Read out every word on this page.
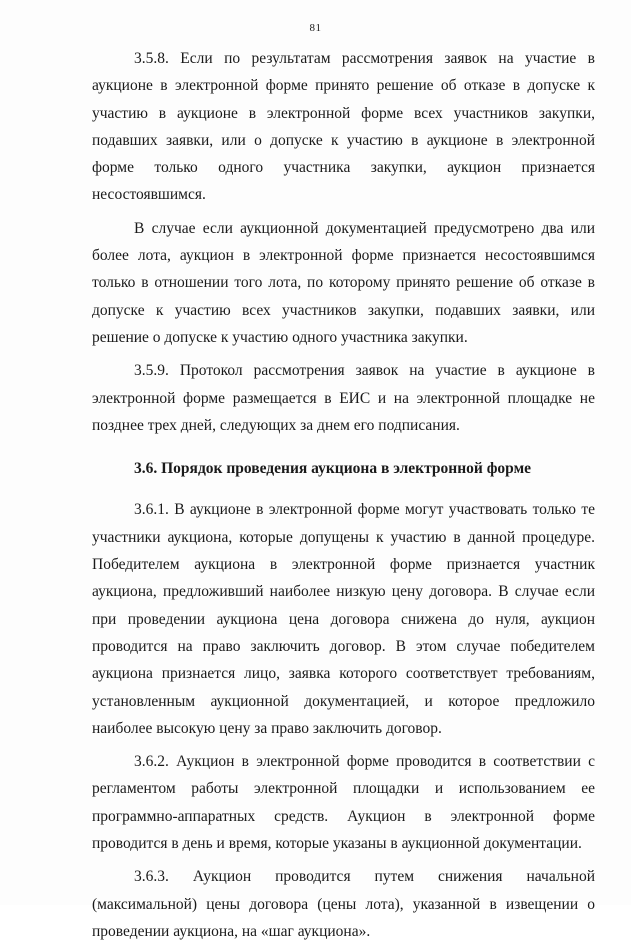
81

3.5.8. Если по результатам рассмотрения заявок на участие в аукционе в электронной форме принято решение об отказе в допуске к участию в аукционе в электронной форме всех участников закупки, подавших заявки, или о допуске к участию в аукционе в электронной форме только одного участника закупки, аукцион признается несостоявшимся.

В случае если аукционной документацией предусмотрено два или более лота, аукцион в электронной форме признается несостоявшимся только в отношении того лота, по которому принято решение об отказе в допуске к участию всех участников закупки, подавших заявки, или решение о допуске к участию одного участника закупки.

3.5.9. Протокол рассмотрения заявок на участие в аукционе в электронной форме размещается в ЕИС и на электронной площадке не позднее трех дней, следующих за днем его подписания.

3.6. Порядок проведения аукциона в электронной форме

3.6.1. В аукционе в электронной форме могут участвовать только те участники аукциона, которые допущены к участию в данной процедуре. Победителем аукциона в электронной форме признается участник аукциона, предложивший наиболее низкую цену договора. В случае если при проведении аукциона цена договора снижена до нуля, аукцион проводится на право заключить договор. В этом случае победителем аукциона признается лицо, заявка которого соответствует требованиям, установленным аукционной документацией, и которое предложило наиболее высокую цену за право заключить договор.

3.6.2. Аукцион в электронной форме проводится в соответствии с регламентом работы электронной площадки и использованием ее программно-аппаратных средств. Аукцион в электронной форме проводится в день и время, которые указаны в аукционной документации.

3.6.3. Аукцион проводится путем снижения начальной (максимальной) цены договора (цены лота), указанной в извещении о проведении аукциона, на «шаг аукциона».
